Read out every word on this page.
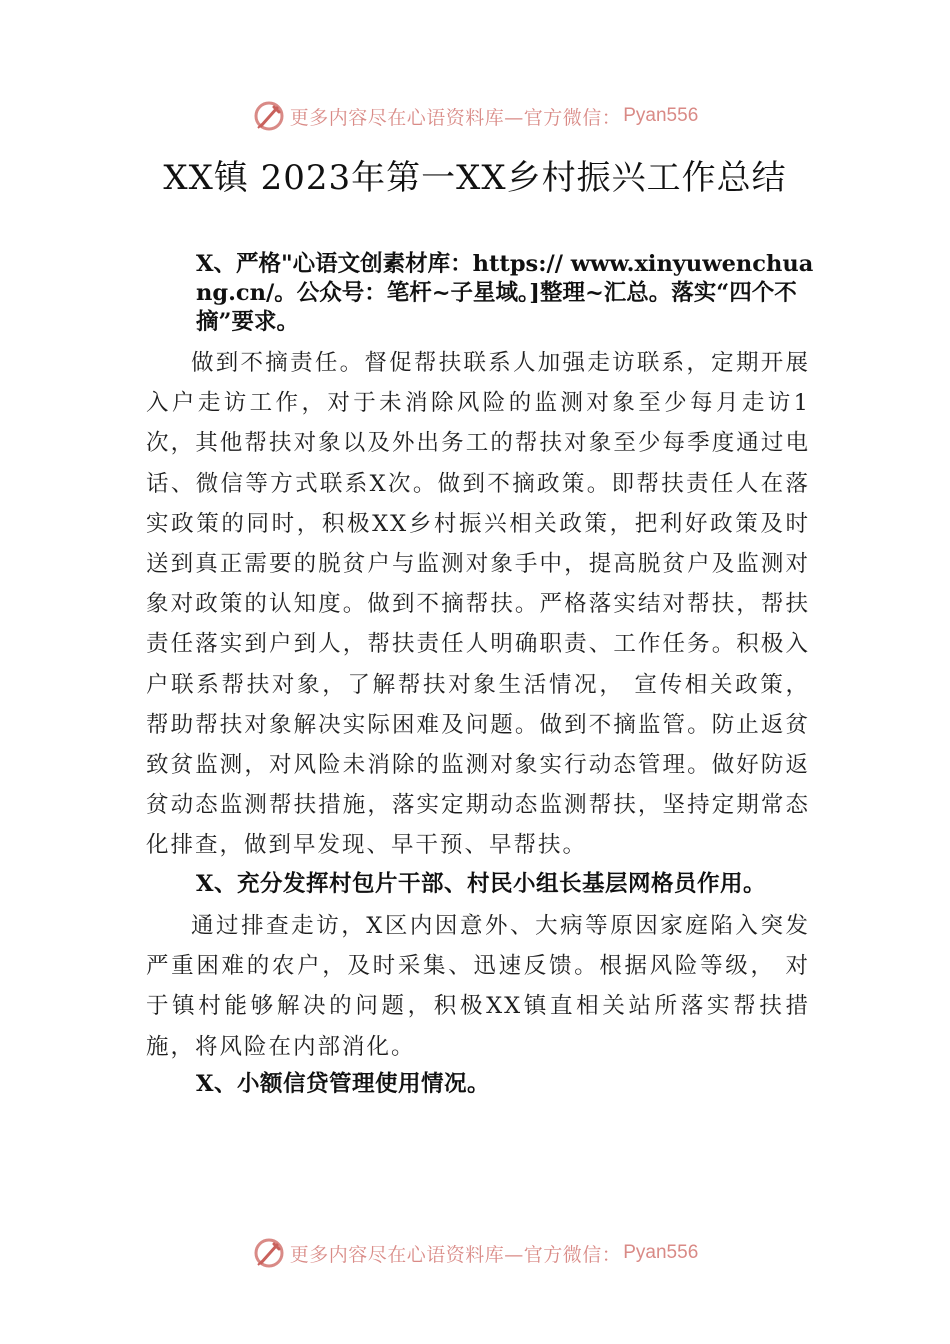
更多内容尽在心语资料库—官方微信： Pyan556
XX镇 2023年第一XX乡村振兴工作总结

X、严格"心语文创素材库：https:// www.xinyuwenchuang.cn/。公众号：笔杆~子星域。]整理~汇总。落实“四个不摘”要求。

做到不摘责任。督促帮扶联系人加强走访联系，定期开展入户走访工作，对于未消除风险的监测对象至少每月走访1次，其他帮扶对象以及外出务工的帮扶对象至少每季度通过电话、微信等方式联系X次。做到不摘政策。即帮扶责任人在落实政策的同时，积极XX乡村振兴相关政策，把利好政策及时送到真正需要的脱贫户与监测对象手中，提高脱贫户及监测对象对政策的认知度。做到不摘帮扶。严格落实结对帮扶，帮扶责任落实到户到人，帮扶责任人明确职责、工作任务。积极入户联系帮扶对象，了解帮扶对象生活情况， 宣传相关政策，帮助帮扶对象解决实际困难及问题。做到不摘监管。防止返贫致贫监测，对风险未消除的监测对象实行动态管理。做好防返贫动态监测帮扶措施，落实定期动态监测帮扶，坚持定期常态化排查，做到早发现、早干预、早帮扶。

X、充分发挥村包片干部、村民小组长基层网格员作用。

通过排查走访，X区内因意外、大病等原因家庭陷入突发严重困难的农户，及时采集、迅速反馈。根据风险等级， 对于镇村能够解决的问题，积极XX镇直相关站所落实帮扶措施，将风险在内部消化。

X、小额信贷管理使用情况。

更多内容尽在心语资料库—官方微信： Pyan556
